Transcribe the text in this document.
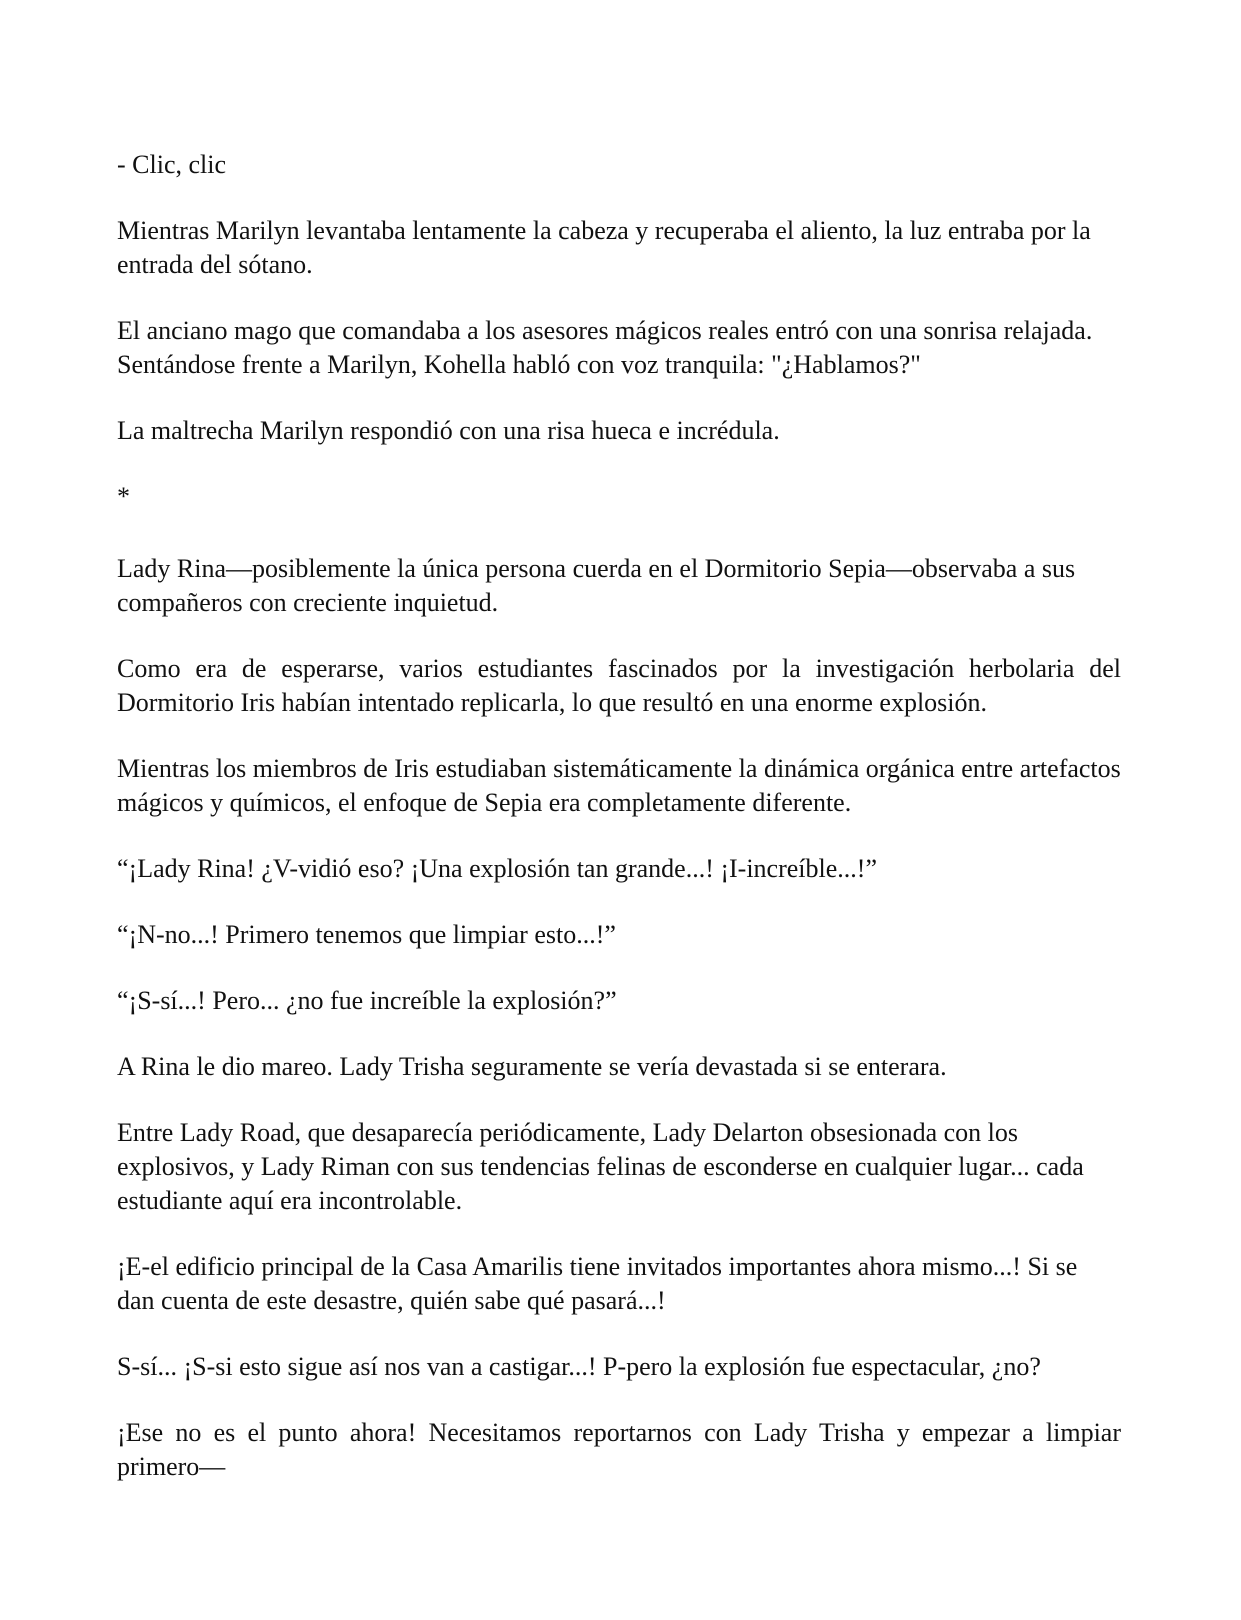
- Clic, clic

Mientras Marilyn levantaba lentamente la cabeza y recuperaba el aliento, la luz entraba por la entrada del sótano.

El anciano mago que comandaba a los asesores mágicos reales entró con una sonrisa relajada. Sentándose frente a Marilyn, Kohella habló con voz tranquila: "¿Hablamos?"

La maltrecha Marilyn respondió con una risa hueca e incrédula.

*

Lady Rina—posiblemente la única persona cuerda en el Dormitorio Sepia—observaba a sus compañeros con creciente inquietud.

Como era de esperarse, varios estudiantes fascinados por la investigación herbolaria del Dormitorio Iris habían intentado replicarla, lo que resultó en una enorme explosión.

Mientras los miembros de Iris estudiaban sistemáticamente la dinámica orgánica entre artefactos mágicos y químicos, el enfoque de Sepia era completamente diferente.

“¡Lady Rina! ¿V-vidió eso? ¡Una explosión tan grande...! ¡I-increíble...!”

“¡N-no...! Primero tenemos que limpiar esto...!”

“¡S-sí...! Pero... ¿no fue increíble la explosión?”

A Rina le dio mareo. Lady Trisha seguramente se vería devastada si se enterara.

Entre Lady Road, que desaparecía periódicamente, Lady Delarton obsesionada con los explosivos, y Lady Riman con sus tendencias felinas de esconderse en cualquier lugar... cada estudiante aquí era incontrolable.

¡E-el edificio principal de la Casa Amarilis tiene invitados importantes ahora mismo...! Si se dan cuenta de este desastre, quién sabe qué pasará...!

S-sí... ¡S-si esto sigue así nos van a castigar...! P-pero la explosión fue espectacular, ¿no?

¡Ese no es el punto ahora! Necesitamos reportarnos con Lady Trisha y empezar a limpiar primero—
